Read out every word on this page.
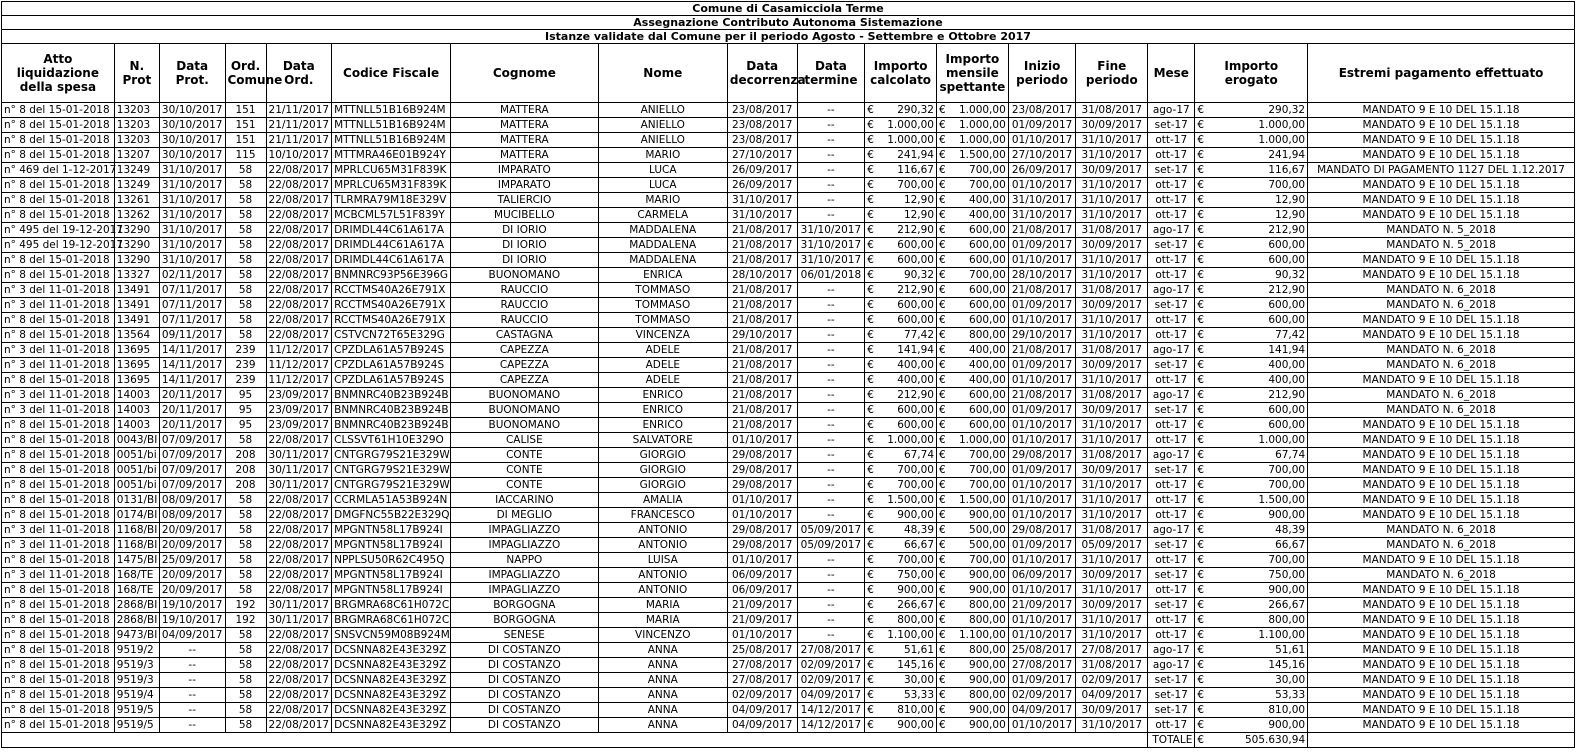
Comune di Casamicciola Terme																
Assegnazione Contributo Autonoma Sistemazione																
Istanze validate dal Comune per il periodo Agosto - Settembre e Ottobre 2017																
Atto liquidazione della spesa	N. Prot	Data Prot.	Ord. Comune	Data Ord.	Codice Fiscale	Cognome	Nome	Data decorrenza	Data termine	Importo calcolato	Importo mensile spettante	Inizio periodo	Fine periodo	Mese	Importo erogato	Estremi pagamento effettuato
n° 8 del 15-01-2018	13203	30/10/2017	151	21/11/2017	MTTNLL51B16B924M	MATTERA	ANIELLO	23/08/2017	--	€ 290,32	€ 1.000,00	23/08/2017	31/08/2017	ago-17	€ 290,32	MANDATO 9 E 10 DEL 15.1.18
n° 8 del 15-01-2018	13203	30/10/2017	151	21/11/2017	MTTNLL51B16B924M	MATTERA	ANIELLO	23/08/2017	--	€ 1.000,00	€ 1.000,00	01/09/2017	30/09/2017	set-17	€ 1.000,00	MANDATO 9 E 10 DEL 15.1.18
n° 8 del 15-01-2018	13203	30/10/2017	151	21/11/2017	MTTNLL51B16B924M	MATTERA	ANIELLO	23/08/2017	--	€ 1.000,00	€ 1.000,00	01/10/2017	31/10/2017	ott-17	€ 1.000,00	MANDATO 9 E 10 DEL 15.1.18
n° 8 del 15-01-2018	13207	30/10/2017	115	10/10/2017	MTTMRA46E01B924Y	MATTERA	MARIO	27/10/2017	--	€ 241,94	€ 1.500,00	27/10/2017	31/10/2017	ott-17	€ 241,94	MANDATO 9 E 10 DEL 15.1.18
n° 469 del 1-12-2017	13249	31/10/2017	58	22/08/2017	MPRLCU65M31F839K	IMPARATO	LUCA	26/09/2017	--	€ 116,67	€ 700,00	26/09/2017	30/09/2017	set-17	€ 116,67	MANDATO DI PAGAMENTO 1127 DEL 1.12.2017
n° 8 del 15-01-2018	13249	31/10/2017	58	22/08/2017	MPRLCU65M31F839K	IMPARATO	LUCA	26/09/2017	--	€ 700,00	€ 700,00	01/10/2017	31/10/2017	ott-17	€ 700,00	MANDATO 9 E 10 DEL 15.1.18
n° 8 del 15-01-2018	13261	31/10/2017	58	22/08/2017	TLRMRA79M18E329V	TALIERCIO	MARIO	31/10/2017	--	€ 12,90	€ 400,00	31/10/2017	31/10/2017	ott-17	€ 12,90	MANDATO 9 E 10 DEL 15.1.18
n° 8 del 15-01-2018	13262	31/10/2017	58	22/08/2017	MCBCML57L51F839Y	MUCIBELLO	CARMELA	31/10/2017	--	€ 12,90	€ 400,00	31/10/2017	31/10/2017	ott-17	€ 12,90	MANDATO 9 E 10 DEL 15.1.18
n° 495 del 19-12-2017	13290	31/10/2017	58	22/08/2017	DRIMDL44C61A617A	DI IORIO	MADDALENA	21/08/2017	31/10/2017	€ 212,90	€ 600,00	21/08/2017	31/08/2017	ago-17	€ 212,90	MANDATO N. 5_2018
n° 495 del 19-12-2017	13290	31/10/2017	58	22/08/2017	DRIMDL44C61A617A	DI IORIO	MADDALENA	21/08/2017	31/10/2017	€ 600,00	€ 600,00	01/09/2017	30/09/2017	set-17	€ 600,00	MANDATO N. 5_2018
n° 8 del 15-01-2018	13290	31/10/2017	58	22/08/2017	DRIMDL44C61A617A	DI IORIO	MADDALENA	21/08/2017	31/10/2017	€ 600,00	€ 600,00	01/10/2017	31/10/2017	ott-17	€ 600,00	MANDATO 9 E 10 DEL 15.1.18
n° 8 del 15-01-2018	13327	02/11/2017	58	22/08/2017	BNMNRC93P56E396G	BUONOMANO	ENRICA	28/10/2017	06/01/2018	€ 90,32	€ 700,00	28/10/2017	31/10/2017	ott-17	€ 90,32	MANDATO 9 E 10 DEL 15.1.18
n° 3 del 11-01-2018	13491	07/11/2017	58	22/08/2017	RCCTMS40A26E791X	RAUCCIO	TOMMASO	21/08/2017	--	€ 212,90	€ 600,00	21/08/2017	31/08/2017	ago-17	€ 212,90	MANDATO N. 6_2018
n° 3 del 11-01-2018	13491	07/11/2017	58	22/08/2017	RCCTMS40A26E791X	RAUCCIO	TOMMASO	21/08/2017	--	€ 600,00	€ 600,00	01/09/2017	30/09/2017	set-17	€ 600,00	MANDATO N. 6_2018
n° 8 del 15-01-2018	13491	07/11/2017	58	22/08/2017	RCCTMS40A26E791X	RAUCCIO	TOMMASO	21/08/2017	--	€ 600,00	€ 600,00	01/10/2017	31/10/2017	ott-17	€ 600,00	MANDATO 9 E 10 DEL 15.1.18
n° 8 del 15-01-2018	13564	09/11/2017	58	22/08/2017	CSTVCN72T65E329G	CASTAGNA	VINCENZA	29/10/2017	--	€ 77,42	€ 800,00	29/10/2017	31/10/2017	ott-17	€ 77,42	MANDATO 9 E 10 DEL 15.1.18
n° 3 del 11-01-2018	13695	14/11/2017	239	11/12/2017	CPZDLA61A57B924S	CAPEZZA	ADELE	21/08/2017	--	€ 141,94	€ 400,00	21/08/2017	31/08/2017	ago-17	€ 141,94	MANDATO N. 6_2018
n° 3 del 11-01-2018	13695	14/11/2017	239	11/12/2017	CPZDLA61A57B924S	CAPEZZA	ADELE	21/08/2017	--	€ 400,00	€ 400,00	01/09/2017	30/09/2017	set-17	€ 400,00	MANDATO N. 6_2018
n° 8 del 15-01-2018	13695	14/11/2017	239	11/12/2017	CPZDLA61A57B924S	CAPEZZA	ADELE	21/08/2017	--	€ 400,00	€ 400,00	01/10/2017	31/10/2017	ott-17	€ 400,00	MANDATO 9 E 10 DEL 15.1.18
n° 3 del 11-01-2018	14003	20/11/2017	95	23/09/2017	BNMNRC40B23B924B	BUONOMANO	ENRICO	21/08/2017	--	€ 212,90	€ 600,00	21/08/2017	31/08/2017	ago-17	€ 212,90	MANDATO N. 6_2018
n° 3 del 11-01-2018	14003	20/11/2017	95	23/09/2017	BNMNRC40B23B924B	BUONOMANO	ENRICO	21/08/2017	--	€ 600,00	€ 600,00	01/09/2017	30/09/2017	set-17	€ 600,00	MANDATO N. 6_2018
n° 8 del 15-01-2018	14003	20/11/2017	95	23/09/2017	BNMNRC40B23B924B	BUONOMANO	ENRICO	21/08/2017	--	€ 600,00	€ 600,00	01/10/2017	31/10/2017	ott-17	€ 600,00	MANDATO 9 E 10 DEL 15.1.18
n° 8 del 15-01-2018	0043/BI	07/09/2017	58	22/08/2017	CLSSVT61H10E329O	CALISE	SALVATORE	01/10/2017	--	€ 1.000,00	€ 1.000,00	01/10/2017	31/10/2017	ott-17	€ 1.000,00	MANDATO 9 E 10 DEL 15.1.18
n° 8 del 15-01-2018	0051/bi	07/09/2017	208	30/11/2017	CNTGRG79S21E329W	CONTE	GIORGIO	29/08/2017	--	€ 67,74	€ 700,00	29/08/2017	31/08/2017	ago-17	€ 67,74	MANDATO 9 E 10 DEL 15.1.18
n° 8 del 15-01-2018	0051/bi	07/09/2017	208	30/11/2017	CNTGRG79S21E329W	CONTE	GIORGIO	29/08/2017	--	€ 700,00	€ 700,00	01/09/2017	30/09/2017	set-17	€ 700,00	MANDATO 9 E 10 DEL 15.1.18
n° 8 del 15-01-2018	0051/bi	07/09/2017	208	30/11/2017	CNTGRG79S21E329W	CONTE	GIORGIO	29/08/2017	--	€ 700,00	€ 700,00	01/10/2017	31/10/2017	ott-17	€ 700,00	MANDATO 9 E 10 DEL 15.1.18
n° 8 del 15-01-2018	0131/BI	08/09/2017	58	22/08/2017	CCRMLA51A53B924N	IACCARINO	AMALIA	01/10/2017	--	€ 1.500,00	€ 1.500,00	01/10/2017	31/10/2017	ott-17	€ 1.500,00	MANDATO 9 E 10 DEL 15.1.18
n° 8 del 15-01-2018	0174/BI	08/09/2017	58	22/08/2017	DMGFNC55B22E329Q	DI MEGLIO	FRANCESCO	01/10/2017	--	€ 900,00	€ 900,00	01/10/2017	31/10/2017	ott-17	€ 900,00	MANDATO 9 E 10 DEL 15.1.18
n° 3 del 11-01-2018	1168/BI	20/09/2017	58	22/08/2017	MPGNTN58L17B924I	IMPAGLIAZZO	ANTONIO	29/08/2017	05/09/2017	€ 48,39	€ 500,00	29/08/2017	31/08/2017	ago-17	€ 48,39	MANDATO N. 6_2018
n° 3 del 11-01-2018	1168/BI	20/09/2017	58	22/08/2017	MPGNTN58L17B924I	IMPAGLIAZZO	ANTONIO	29/08/2017	05/09/2017	€ 66,67	€ 500,00	01/09/2017	05/09/2017	set-17	€ 66,67	MANDATO N. 6_2018
n° 8 del 15-01-2018	1475/BI	25/09/2017	58	22/08/2017	NPPLSU50R62C495Q	NAPPO	LUISA	01/10/2017	--	€ 700,00	€ 700,00	01/10/2017	31/10/2017	ott-17	€ 700,00	MANDATO 9 E 10 DEL 15.1.18
n° 3 del 11-01-2018	168/TE	20/09/2017	58	22/08/2017	MPGNTN58L17B924I	IMPAGLIAZZO	ANTONIO	06/09/2017	--	€ 750,00	€ 900,00	06/09/2017	30/09/2017	set-17	€ 750,00	MANDATO N. 6_2018
n° 8 del 15-01-2018	168/TE	20/09/2017	58	22/08/2017	MPGNTN58L17B924I	IMPAGLIAZZO	ANTONIO	06/09/2017	--	€ 900,00	€ 900,00	01/10/2017	31/10/2017	ott-17	€ 900,00	MANDATO 9 E 10 DEL 15.1.18
n° 8 del 15-01-2018	2868/BI	19/10/2017	192	30/11/2017	BRGMRA68C61H072C	BORGOGNA	MARIA	21/09/2017	--	€ 266,67	€ 800,00	21/09/2017	30/09/2017	set-17	€ 266,67	MANDATO 9 E 10 DEL 15.1.18
n° 8 del 15-01-2018	2868/BI	19/10/2017	192	30/11/2017	BRGMRA68C61H072C	BORGOGNA	MARIA	21/09/2017	--	€ 800,00	€ 800,00	01/10/2017	31/10/2017	ott-17	€ 800,00	MANDATO 9 E 10 DEL 15.1.18
n° 8 del 15-01-2018	9473/BI	04/09/2017	58	22/08/2017	SNSVCN59M08B924M	SENESE	VINCENZO	01/10/2017	--	€ 1.100,00	€ 1.100,00	01/10/2017	31/10/2017	ott-17	€ 1.100,00	MANDATO 9 E 10 DEL 15.1.18
n° 8 del 15-01-2018	9519/2	--	58	22/08/2017	DCSNNA82E43E329Z	DI COSTANZO	ANNA	25/08/2017	27/08/2017	€ 51,61	€ 800,00	25/08/2017	27/08/2017	ago-17	€ 51,61	MANDATO 9 E 10 DEL 15.1.18
n° 8 del 15-01-2018	9519/3	--	58	22/08/2017	DCSNNA82E43E329Z	DI COSTANZO	ANNA	27/08/2017	02/09/2017	€ 145,16	€ 900,00	27/08/2017	31/08/2017	ago-17	€ 145,16	MANDATO 9 E 10 DEL 15.1.18
n° 8 del 15-01-2018	9519/3	--	58	22/08/2017	DCSNNA82E43E329Z	DI COSTANZO	ANNA	27/08/2017	02/09/2017	€ 30,00	€ 900,00	01/09/2017	02/09/2017	set-17	€ 30,00	MANDATO 9 E 10 DEL 15.1.18
n° 8 del 15-01-2018	9519/4	--	58	22/08/2017	DCSNNA82E43E329Z	DI COSTANZO	ANNA	02/09/2017	04/09/2017	€ 53,33	€ 800,00	02/09/2017	04/09/2017	set-17	€ 53,33	MANDATO 9 E 10 DEL 15.1.18
n° 8 del 15-01-2018	9519/5	--	58	22/08/2017	DCSNNA82E43E329Z	DI COSTANZO	ANNA	04/09/2017	14/12/2017	€ 810,00	€ 900,00	04/09/2017	30/09/2017	set-17	€ 810,00	MANDATO 9 E 10 DEL 15.1.18
n° 8 del 15-01-2018	9519/5	--	58	22/08/2017	DCSNNA82E43E329Z	DI COSTANZO	ANNA	04/09/2017	14/12/2017	€ 900,00	€ 900,00	01/10/2017	31/10/2017	ott-17	€ 900,00	MANDATO 9 E 10 DEL 15.1.18
														TOTALE	€ 505.630,94	
